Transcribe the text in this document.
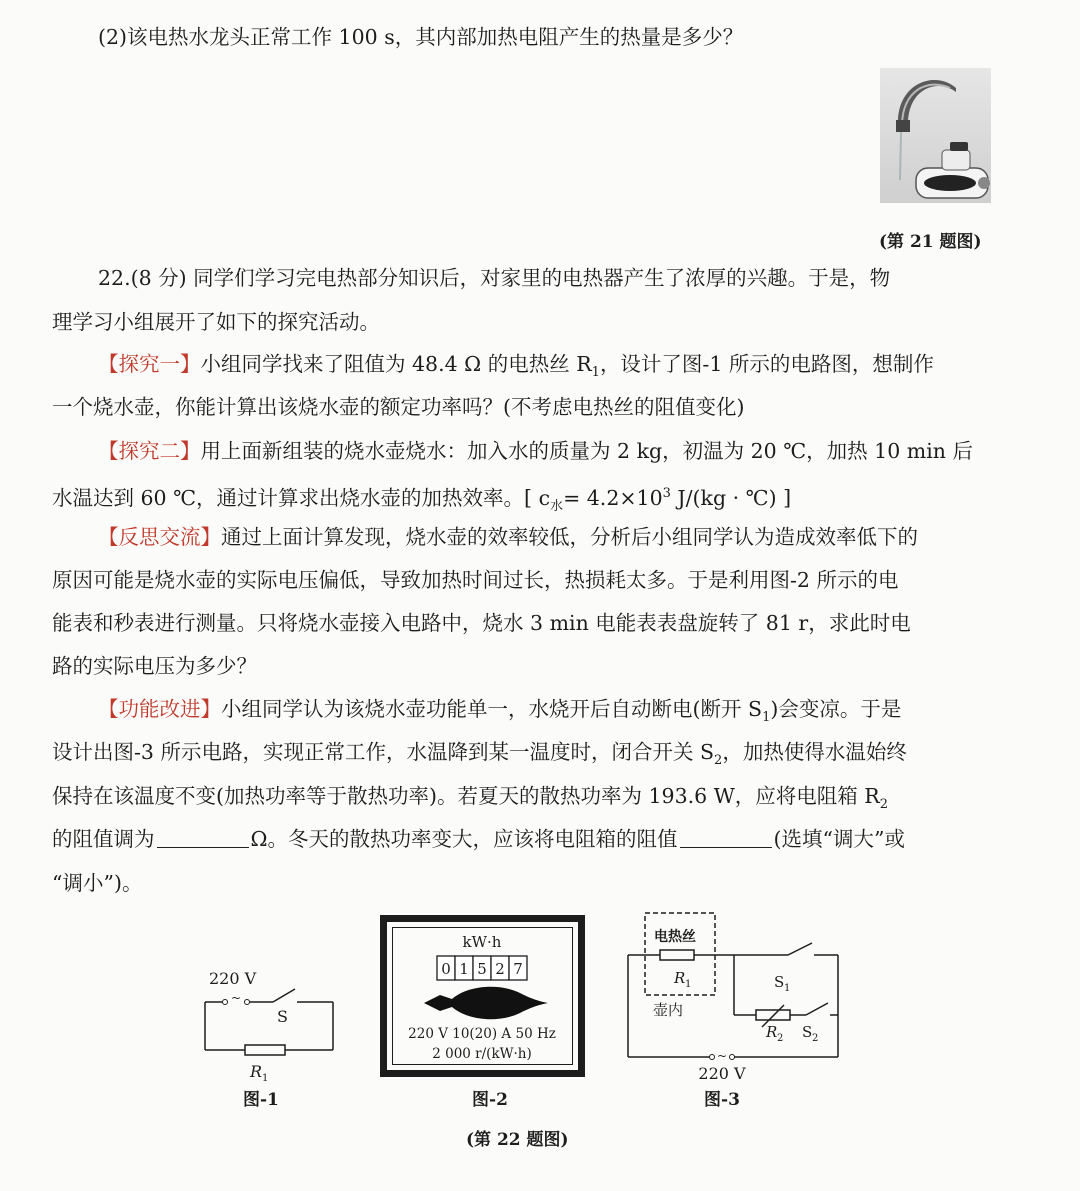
(2)该电热水龙头正常工作 100 s，其内部加热电阻产生的热量是多少？
(第 21 题图)
22.(8 分) 同学们学习完电热部分知识后，对家里的电热器产生了浓厚的兴趣。于是，物
理学习小组展开了如下的探究活动。
【探究一】小组同学找来了阻值为 48.4 Ω 的电热丝 $R_1$，设计了图-1 所示的电路图，想制作
一个烧水壶，你能计算出该烧水壶的额定功率吗？(不考虑电热丝的阻值变化)
【探究二】用上面新组装的烧水壶烧水：加入水的质量为 2 kg，初温为 20 ℃，加热 10 min 后
水温达到 60 ℃，通过计算求出烧水壶的加热效率。[ $c_水= 4.2\times 10^3$ J/(kg · ℃) ]
【反思交流】通过上面计算发现，烧水壶的效率较低，分析后小组同学认为造成效率低下的
原因可能是烧水壶的实际电压偏低，导致加热时间过长，热损耗太多。于是利用图-2 所示的电
能表和秒表进行测量。只将烧水壶接入电路中，烧水 3 min 电能表表盘旋转了 81 r，求此时电
路的实际电压为多少？
【功能改进】小组同学认为该烧水壶功能单一，水烧开后自动断电(断开 $S_1$)会变凉。于是
设计出图-3 所示电路，实现正常工作，水温降到某一温度时，闭合开关 $S_2$，加热使得水温始终
保持在该温度不变(加热功率等于散热功率)。若夏天的散热功率为 193.6 W，应将电阻箱 $R_2$
的阻值调为	Ω。冬天的散热功率变大，应该将电阻箱的阻值	(选填“调大”或
“调小”)。
~
220 V
S
R 1
图-1
kW·h
0 1 5 2 7
220 V 10(20) A 50 Hz
2 000 r/(kW·h)
图-2
电热丝
R 1
壶内
S 1
R 2 S 2
~
220 V
图-3
(第 22 题图)
